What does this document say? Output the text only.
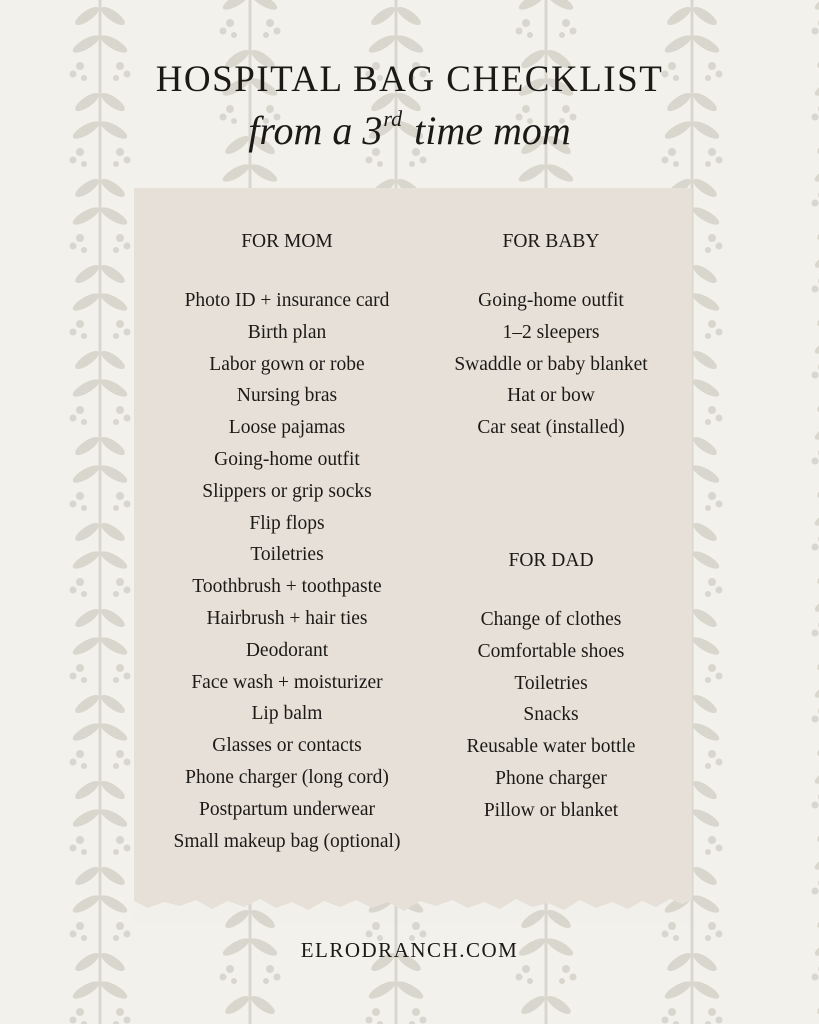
HOSPITAL BAG CHECKLIST
from a 3rd time mom
FOR MOM
Photo ID + insurance card
Birth plan
Labor gown or robe
Nursing bras
Loose pajamas
Going-home outfit
Slippers or grip socks
Flip flops
Toiletries
Toothbrush + toothpaste
Hairbrush + hair ties
Deodorant
Face wash + moisturizer
Lip balm
Glasses or contacts
Phone charger (long cord)
Postpartum underwear
Small makeup bag (optional)
FOR BABY
Going-home outfit
1–2 sleepers
Swaddle or baby blanket
Hat or bow
Car seat (installed)
FOR DAD
Change of clothes
Comfortable shoes
Toiletries
Snacks
Reusable water bottle
Phone charger
Pillow or blanket
ELRODRANCH.COM
